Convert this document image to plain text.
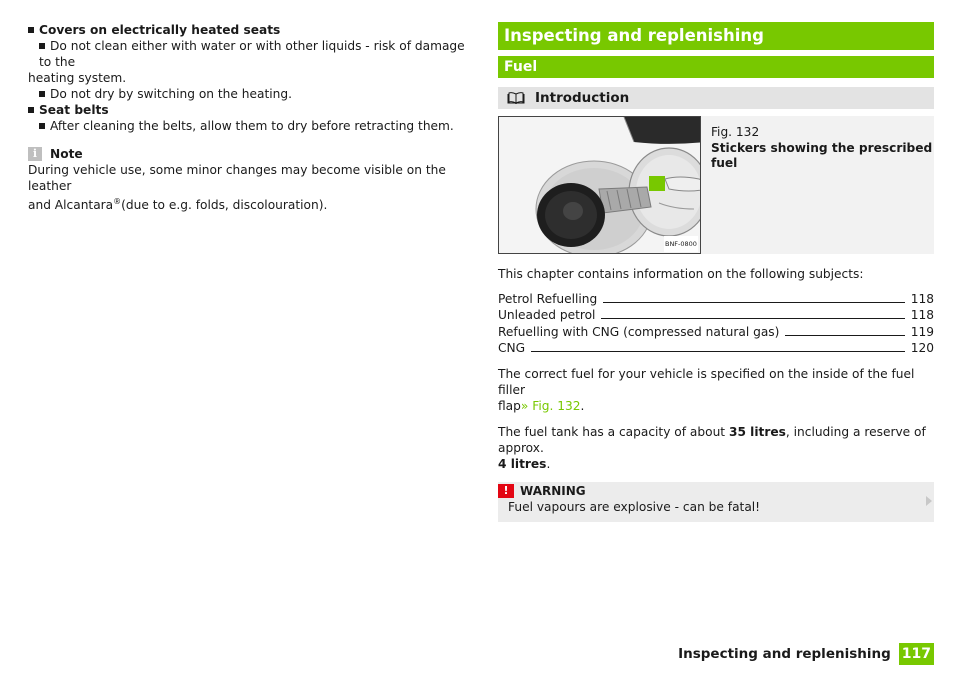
Covers on electrically heated seats
Do not clean either with water or with other liquids - risk of damage to the
heating system.
Do not dry by switching on the heating.
Seat belts
After cleaning the belts, allow them to dry before retracting them.
i	Note
During vehicle use, some minor changes may become visible on the leather
and Alcantara®(due to e.g. folds, discolouration).
Inspecting and replenishing
Fuel
Introduction
BNF-0800
Fig. 132
Stickers showing the prescribed fuel
This chapter contains information on the following subjects:
Petrol Refuelling	118
Unleaded petrol	118
Refuelling with CNG (compressed natural gas)	119
CNG	120
The correct fuel for your vehicle is specified on the inside of the fuel filler
flap» Fig. 132.
The fuel tank has a capacity of about 35 litres, including a reserve of approx.
4 litres.
! WARNING
Fuel vapours are explosive - can be fatal!
Inspecting and replenishing 117
